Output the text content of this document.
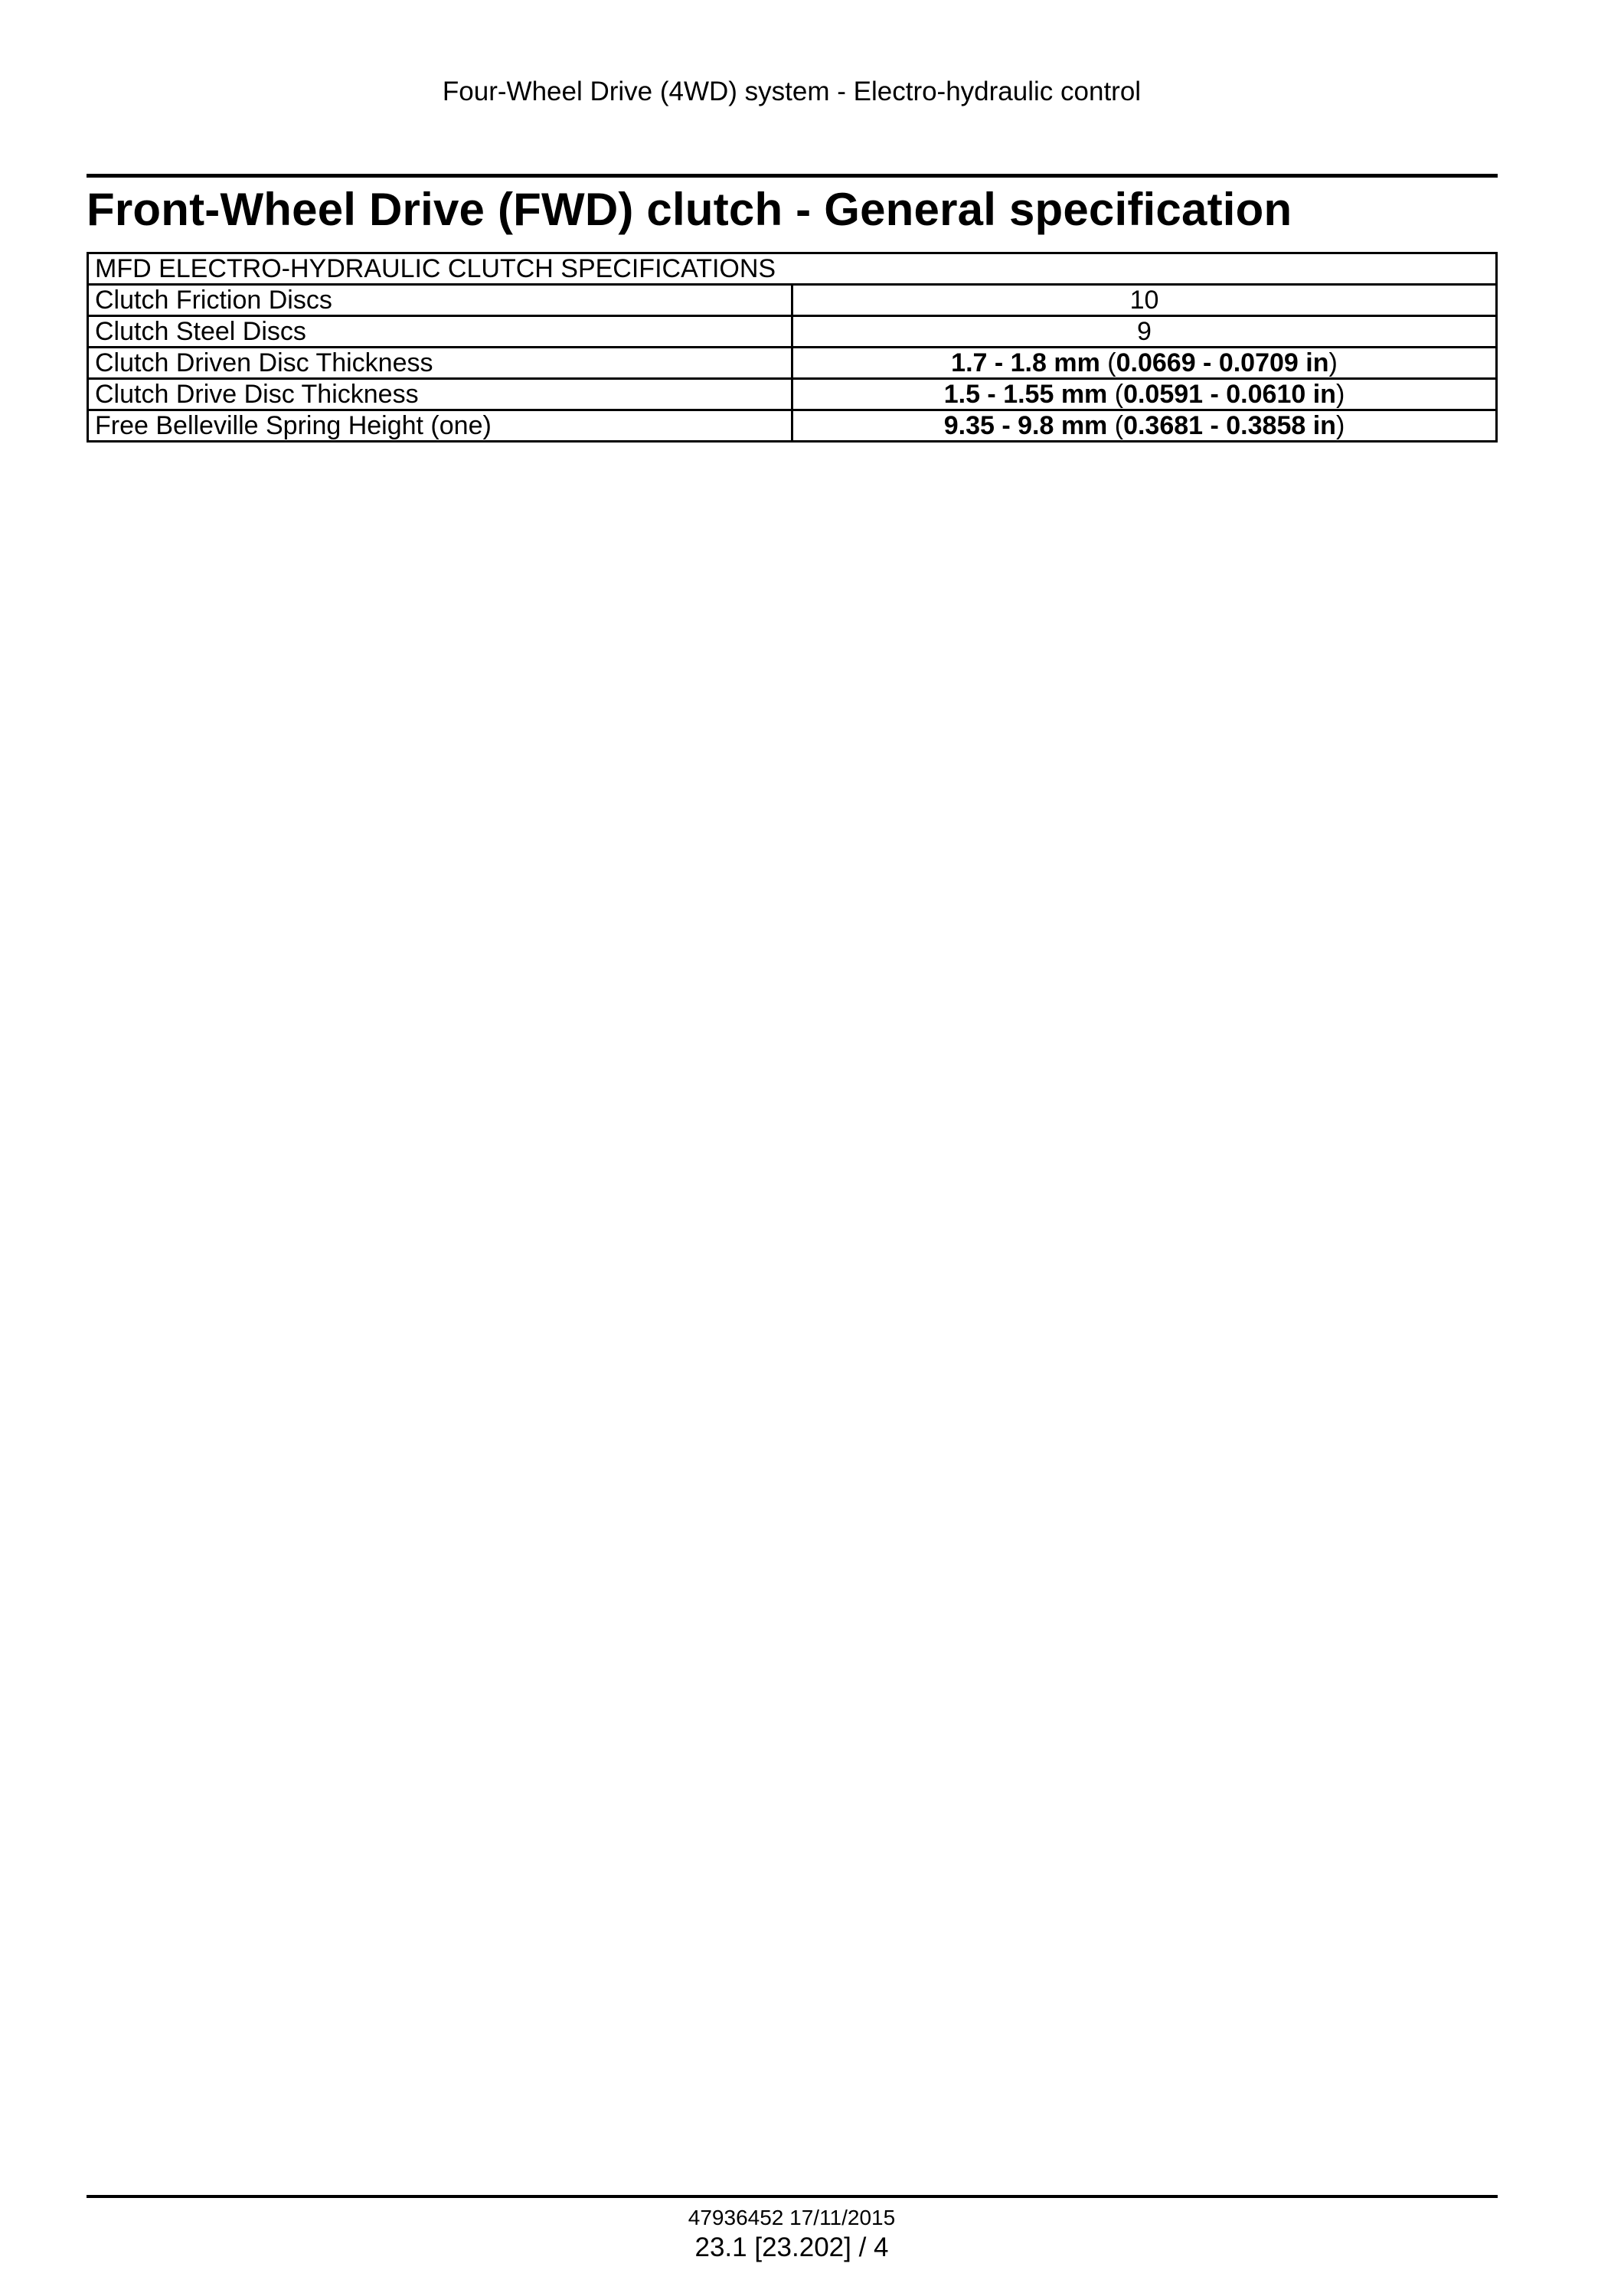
Four-Wheel Drive (4WD) system - Electro-hydraulic control
Front-Wheel Drive (FWD) clutch - General specification
MFD ELECTRO-HYDRAULIC CLUTCH SPECIFICATIONS	
Clutch Friction Discs	10
Clutch Steel Discs	9
Clutch Driven Disc Thickness	1.7 - 1.8 mm (0.0669 - 0.0709 in)
Clutch Drive Disc Thickness	1.5 - 1.55 mm (0.0591 - 0.0610 in)
Free Belleville Spring Height (one)	9.35 - 9.8 mm (0.3681 - 0.3858 in)
47936452 17/11/2015
23.1 [23.202] / 4
